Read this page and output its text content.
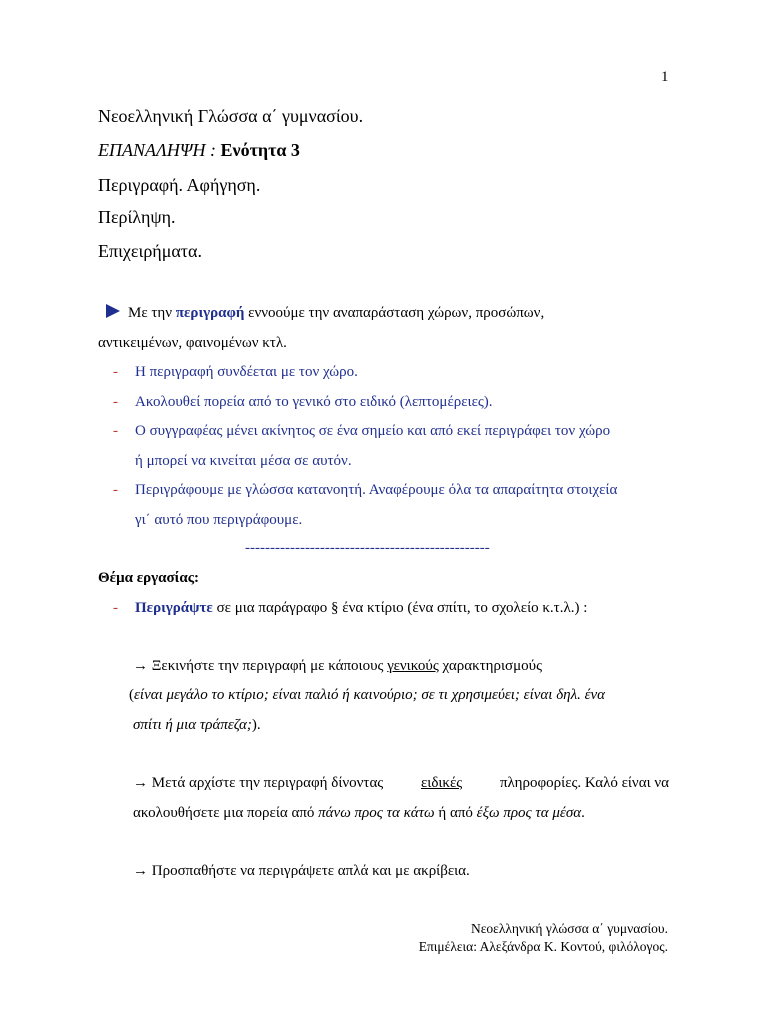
1
Νεοελληνική Γλώσσα α΄ γυμνασίου.
ΕΠΑΝΑΛΗΨΗ : Ενότητα 3
Περιγραφή. Αφήγηση.
Περίληψη.
Επιχειρήματα.
Με την περιγραφή εννοούμε την αναπαράσταση χώρων, προσώπων,
αντικειμένων, φαινομένων κτλ.
- Η περιγραφή συνδέεται με τον χώρο.
- Ακολουθεί πορεία από το γενικό στο ειδικό (λεπτομέρειες).
- Ο συγγραφέας μένει ακίνητος σε ένα σημείο και από εκεί περιγράφει τον χώρο
ή μπορεί να κινείται μέσα σε αυτόν.
- Περιγράφουμε με γλώσσα κατανοητή. Αναφέρουμε όλα τα απαραίτητα στοιχεία
γι΄ αυτό που περιγράφουμε.
-------------------------------------------------
Θέμα εργασίας:
- Περιγράψτε σε μια παράγραφο § ένα κτίριο (ένα σπίτι, το σχολείο κ.τ.λ.) :
→ Ξεκινήστε την περιγραφή με κάποιους γενικούς χαρακτηρισμούς
(είναι μεγάλο το κτίριο; είναι παλιό ή καινούριο; σε τι χρησιμεύει; είναι δηλ. ένα
σπίτι ή μια τράπεζα;).
→ Μετά αρχίστε την περιγραφή δίνοντας	ειδικές	πληροφορίες. Καλό είναι να
ακολουθήσετε μια πορεία από πάνω προς τα κάτω ή από έξω προς τα μέσα.
→ Προσπαθήστε να περιγράψετε απλά και με ακρίβεια.
Νεοελληνική γλώσσα α΄ γυμνασίου.
Επιμέλεια: Αλεξάνδρα Κ. Κοντού, φιλόλογος.
